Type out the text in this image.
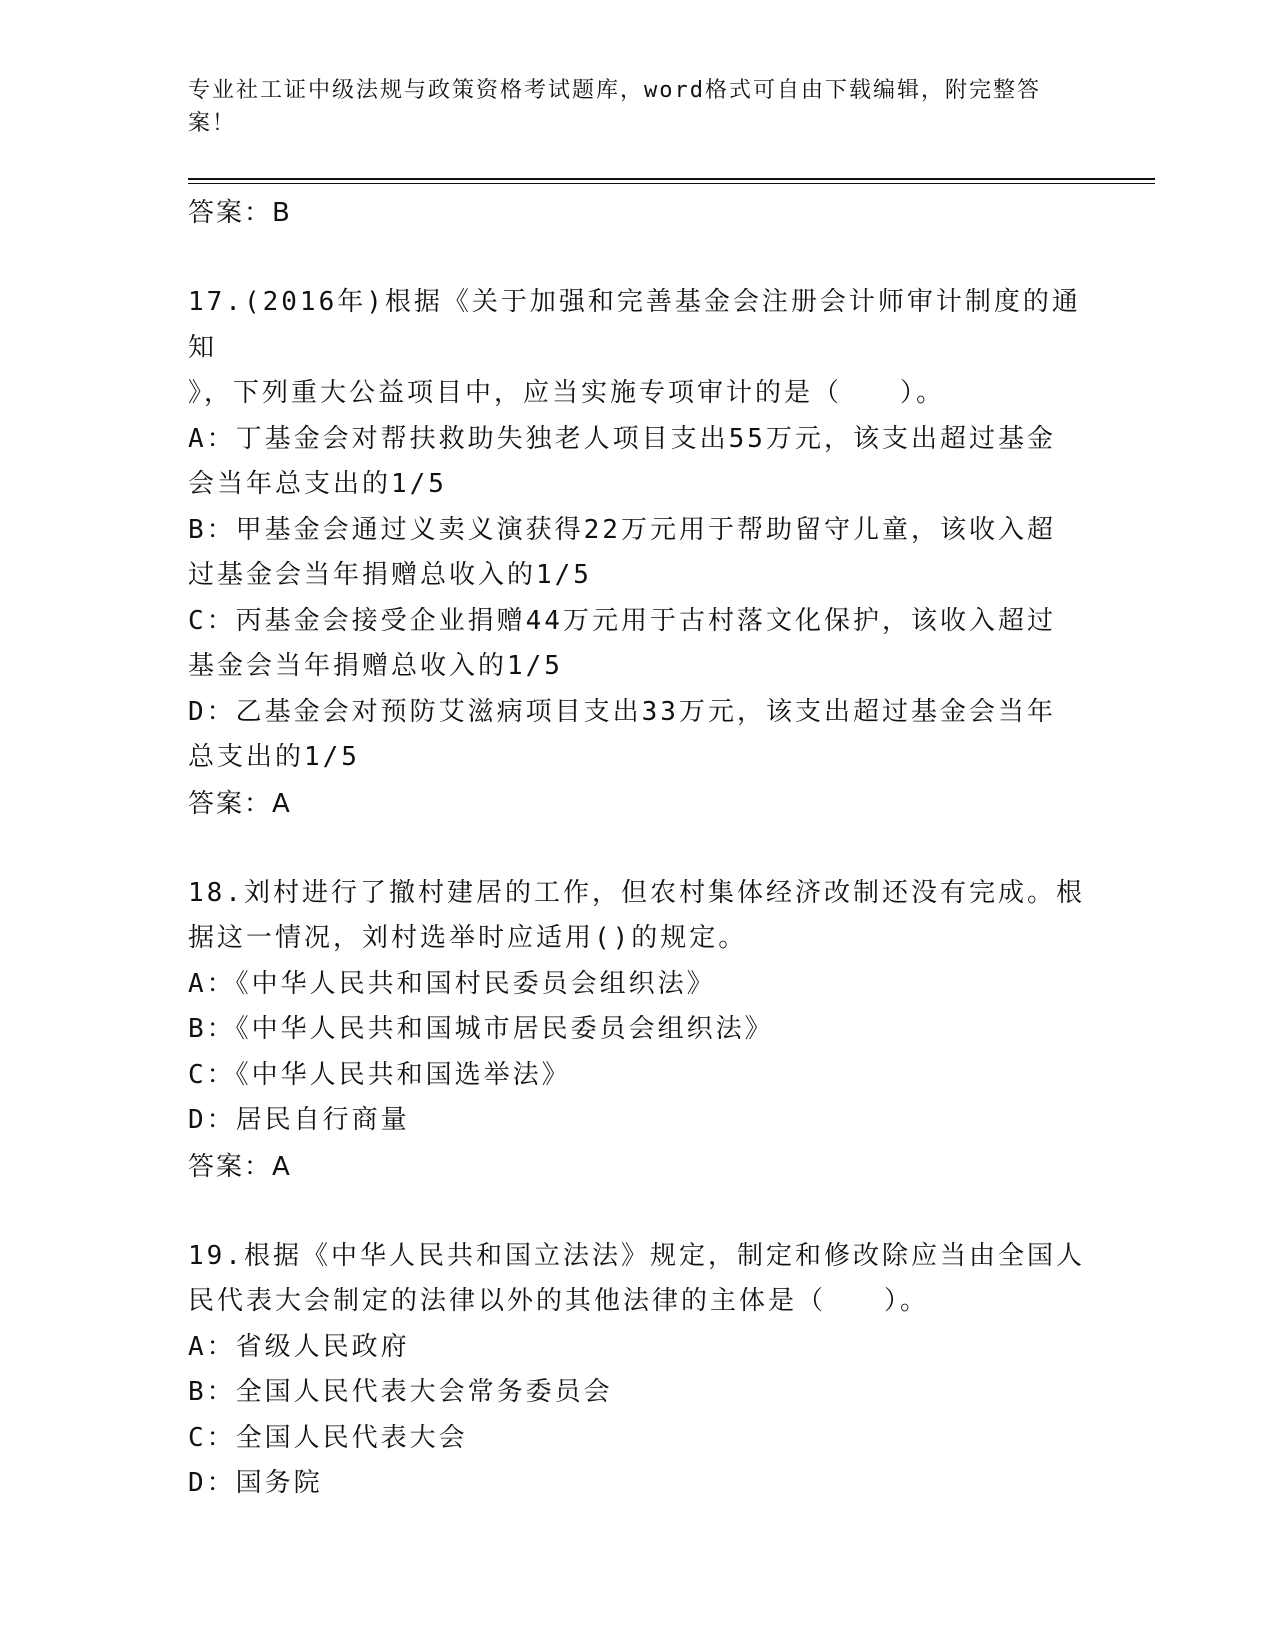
专业社工证中级法规与政策资格考试题库，word格式可自由下载编辑，附完整答
案！
答案：B
17.(2016年)根据《关于加强和完善基金会注册会计师审计制度的通知
》，下列重大公益项目中，应当实施专项审计的是（　　）。
A：丁基金会对帮扶救助失独老人项目支出55万元，该支出超过基金
会当年总支出的1/5
B：甲基金会通过义卖义演获得22万元用于帮助留守儿童，该收入超
过基金会当年捐赠总收入的1/5
C：丙基金会接受企业捐赠44万元用于古村落文化保护，该收入超过
基金会当年捐赠总收入的1/5
D：乙基金会对预防艾滋病项目支出33万元，该支出超过基金会当年
总支出的1/5
答案：A
18.刘村进行了撤村建居的工作，但农村集体经济改制还没有完成。根
据这一情况，刘村选举时应适用()的规定。
A：《中华人民共和国村民委员会组织法》
B：《中华人民共和国城市居民委员会组织法》
C：《中华人民共和国选举法》
D：居民自行商量
答案：A
19.根据《中华人民共和国立法法》规定，制定和修改除应当由全国人
民代表大会制定的法律以外的其他法律的主体是（　　）。
A：省级人民政府
B：全国人民代表大会常务委员会
C：全国人民代表大会
D：国务院
